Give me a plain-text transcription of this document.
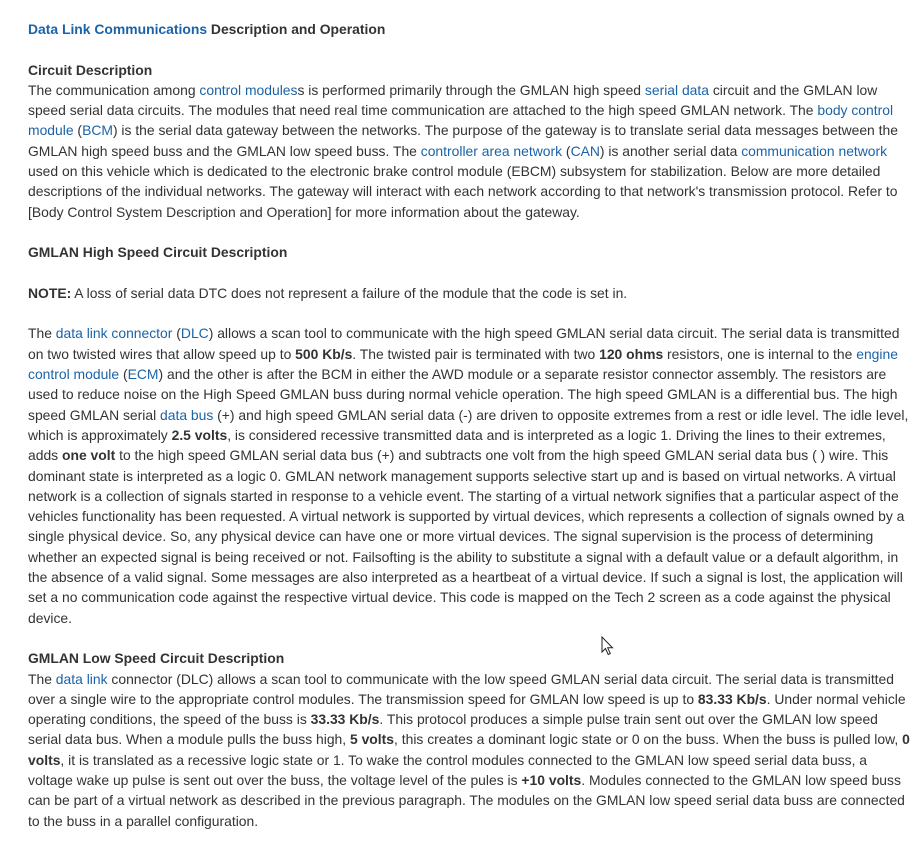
Data Link Communications Description and Operation

Circuit Description

The communication among control moduless is performed primarily through the GMLAN high speed serial data circuit and the GMLAN low speed serial data circuits. The modules that need real time communication are attached to the high speed GMLAN network. The body control module (BCM) is the serial data gateway between the networks. The purpose of the gateway is to translate serial data messages between the GMLAN high speed buss and the GMLAN low speed buss. The controller area network (CAN) is another serial data communication network used on this vehicle which is dedicated to the electronic brake control module (EBCM) subsystem for stabilization. Below are more detailed descriptions of the individual networks. The gateway will interact with each network according to that network's transmission protocol. Refer to [Body Control System Description and Operation] for more information about the gateway.

GMLAN High Speed Circuit Description

NOTE: A loss of serial data DTC does not represent a failure of the module that the code is set in.

The data link connector (DLC) allows a scan tool to communicate with the high speed GMLAN serial data circuit. The serial data is transmitted on two twisted wires that allow speed up to 500 Kb/s. The twisted pair is terminated with two 120 ohms resistors, one is internal to the engine control module (ECM) and the other is after the BCM in either the AWD module or a separate resistor connector assembly. The resistors are used to reduce noise on the High Speed GMLAN buss during normal vehicle operation. The high speed GMLAN is a differential bus. The high speed GMLAN serial data bus (+) and high speed GMLAN serial data (-) are driven to opposite extremes from a rest or idle level. The idle level, which is approximately 2.5 volts, is considered recessive transmitted data and is interpreted as a logic 1. Driving the lines to their extremes, adds one volt to the high speed GMLAN serial data bus (+) and subtracts one volt from the high speed GMLAN serial data bus ( ) wire. This dominant state is interpreted as a logic 0. GMLAN network management supports selective start up and is based on virtual networks. A virtual network is a collection of signals started in response to a vehicle event. The starting of a virtual network signifies that a particular aspect of the vehicles functionality has been requested. A virtual network is supported by virtual devices, which represents a collection of signals owned by a single physical device. So, any physical device can have one or more virtual devices. The signal supervision is the process of determining whether an expected signal is being received or not. Failsofting is the ability to substitute a signal with a default value or a default algorithm, in the absence of a valid signal. Some messages are also interpreted as a heartbeat of a virtual device. If such a signal is lost, the application will set a no communication code against the respective virtual device. This code is mapped on the Tech 2 screen as a code against the physical device.

GMLAN Low Speed Circuit Description

The data link connector (DLC) allows a scan tool to communicate with the low speed GMLAN serial data circuit. The serial data is transmitted over a single wire to the appropriate control modules. The transmission speed for GMLAN low speed is up to 83.33 Kb/s. Under normal vehicle operating conditions, the speed of the buss is 33.33 Kb/s. This protocol produces a simple pulse train sent out over the GMLAN low speed serial data bus. When a module pulls the buss high, 5 volts, this creates a dominant logic state or 0 on the buss. When the buss is pulled low, 0 volts, it is translated as a recessive logic state or 1. To wake the control modules connected to the GMLAN low speed serial data buss, a voltage wake up pulse is sent out over the buss, the voltage level of the pules is +10 volts. Modules connected to the GMLAN low speed buss can be part of a virtual network as described in the previous paragraph. The modules on the GMLAN low speed serial data buss are connected to the buss in a parallel configuration.
